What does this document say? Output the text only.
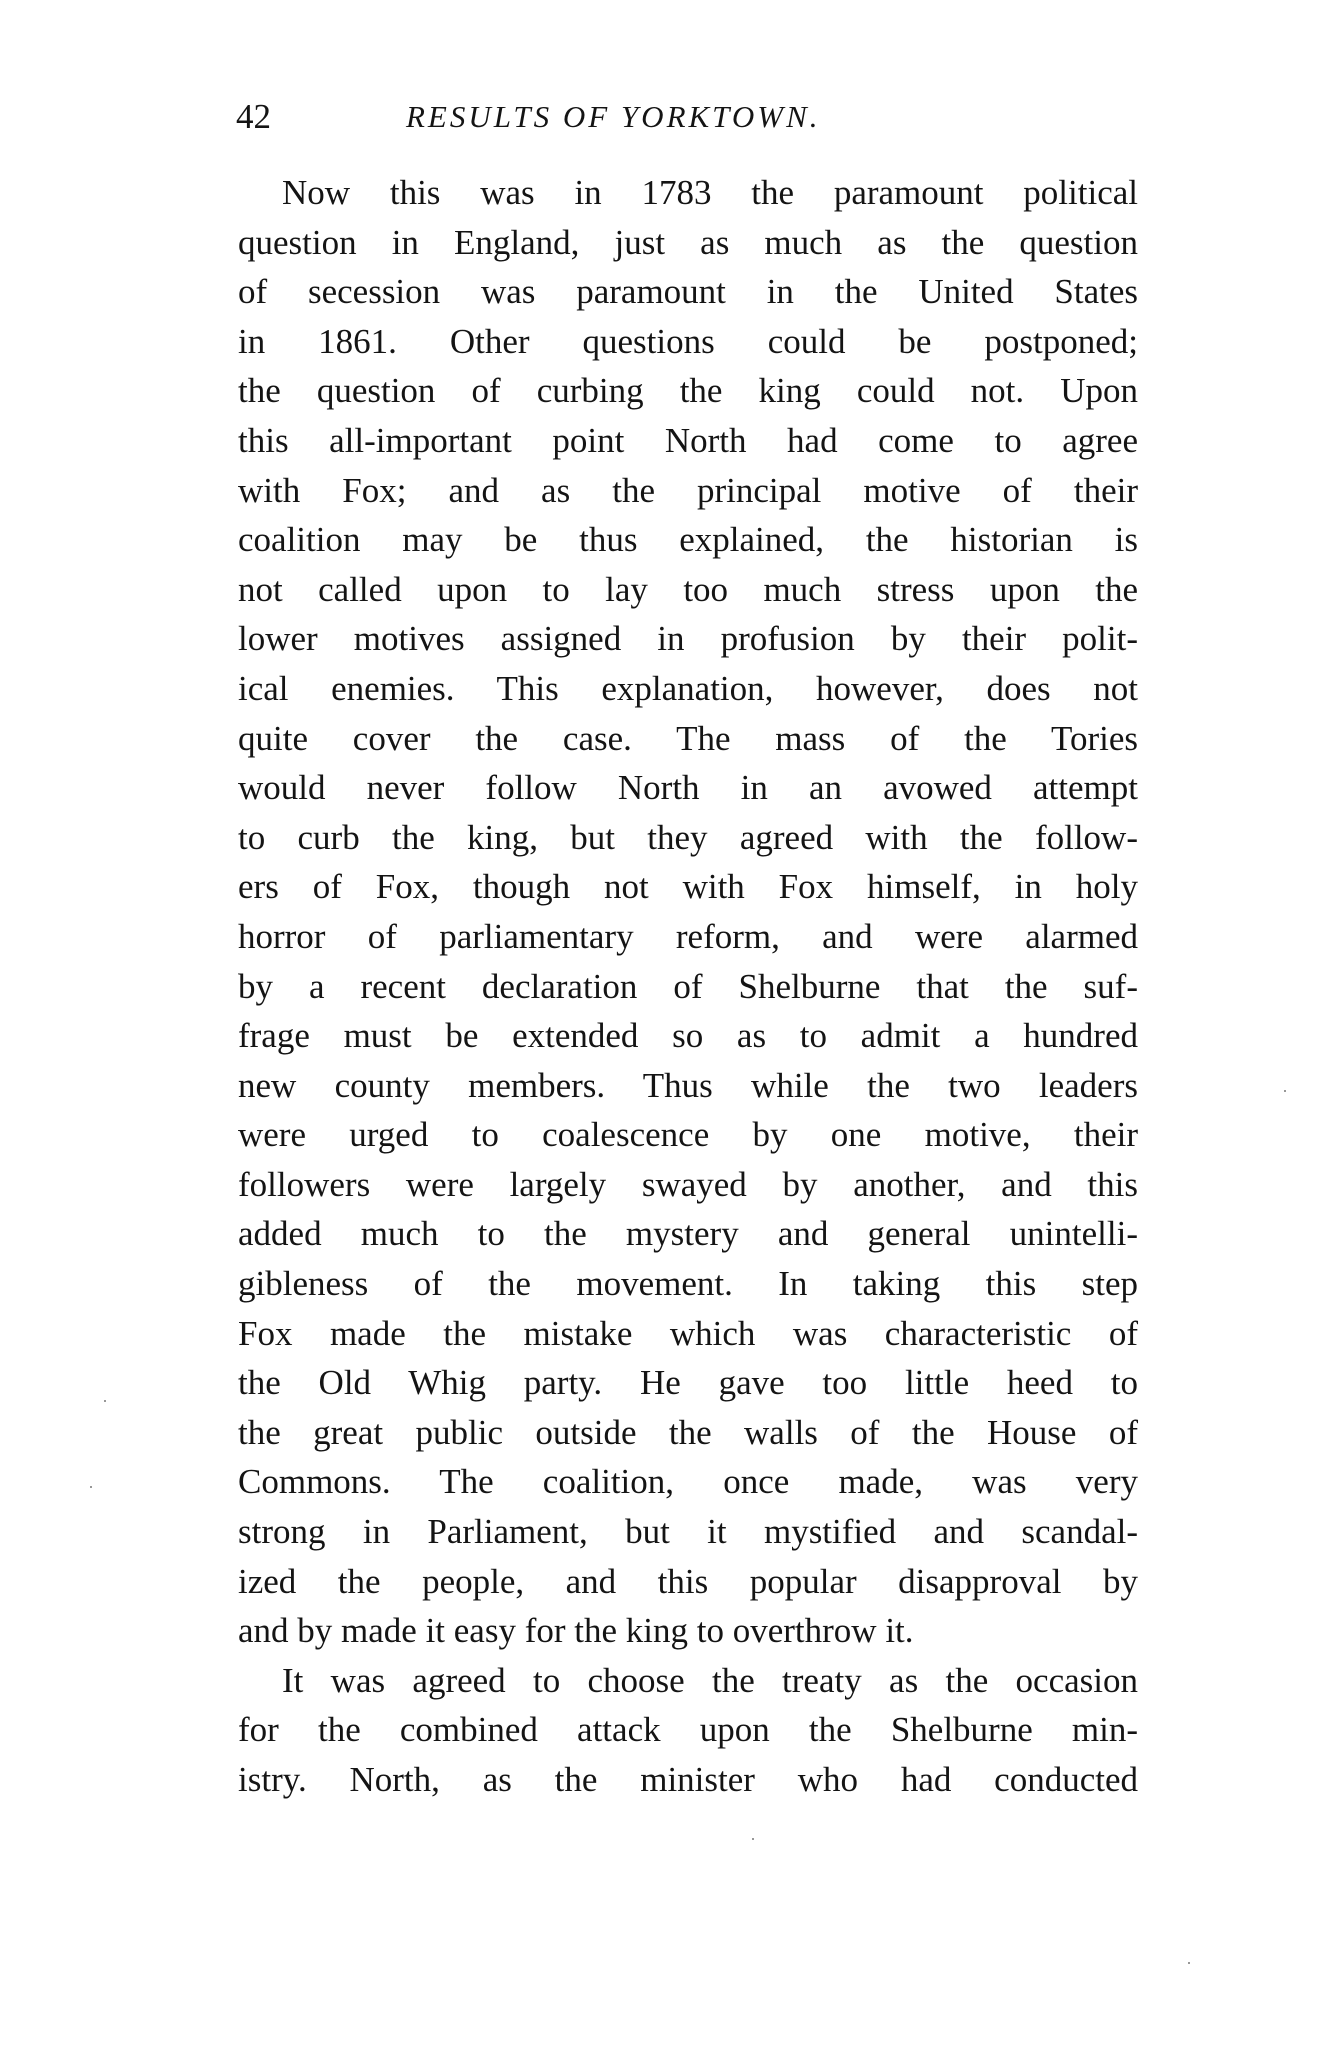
42	RESULTS OF YORKTOWN.
Now this was in 1783 the paramount political
question in England, just as much as the question
of secession was paramount in the United States
in 1861. Other questions could be postponed;
the question of curbing the king could not. Upon
this all-important point North had come to agree
with Fox; and as the principal motive of their
coalition may be thus explained, the historian is
not called upon to lay too much stress upon the
lower motives assigned in profusion by their polit-
ical enemies. This explanation, however, does not
quite cover the case. The mass of the Tories
would never follow North in an avowed attempt
to curb the king, but they agreed with the follow-
ers of Fox, though not with Fox himself, in holy
horror of parliamentary reform, and were alarmed
by a recent declaration of Shelburne that the suf-
frage must be extended so as to admit a hundred
new county members. Thus while the two leaders
were urged to coalescence by one motive, their
followers were largely swayed by another, and this
added much to the mystery and general unintelli-
gibleness of the movement. In taking this step
Fox made the mistake which was characteristic of
the Old Whig party. He gave too little heed to
the great public outside the walls of the House of
Commons. The coalition, once made, was very
strong in Parliament, but it mystified and scandal-
ized the people, and this popular disapproval by
and by made it easy for the king to overthrow it.
It was agreed to choose the treaty as the occasion
for the combined attack upon the Shelburne min-
istry. North, as the minister who had conducted
